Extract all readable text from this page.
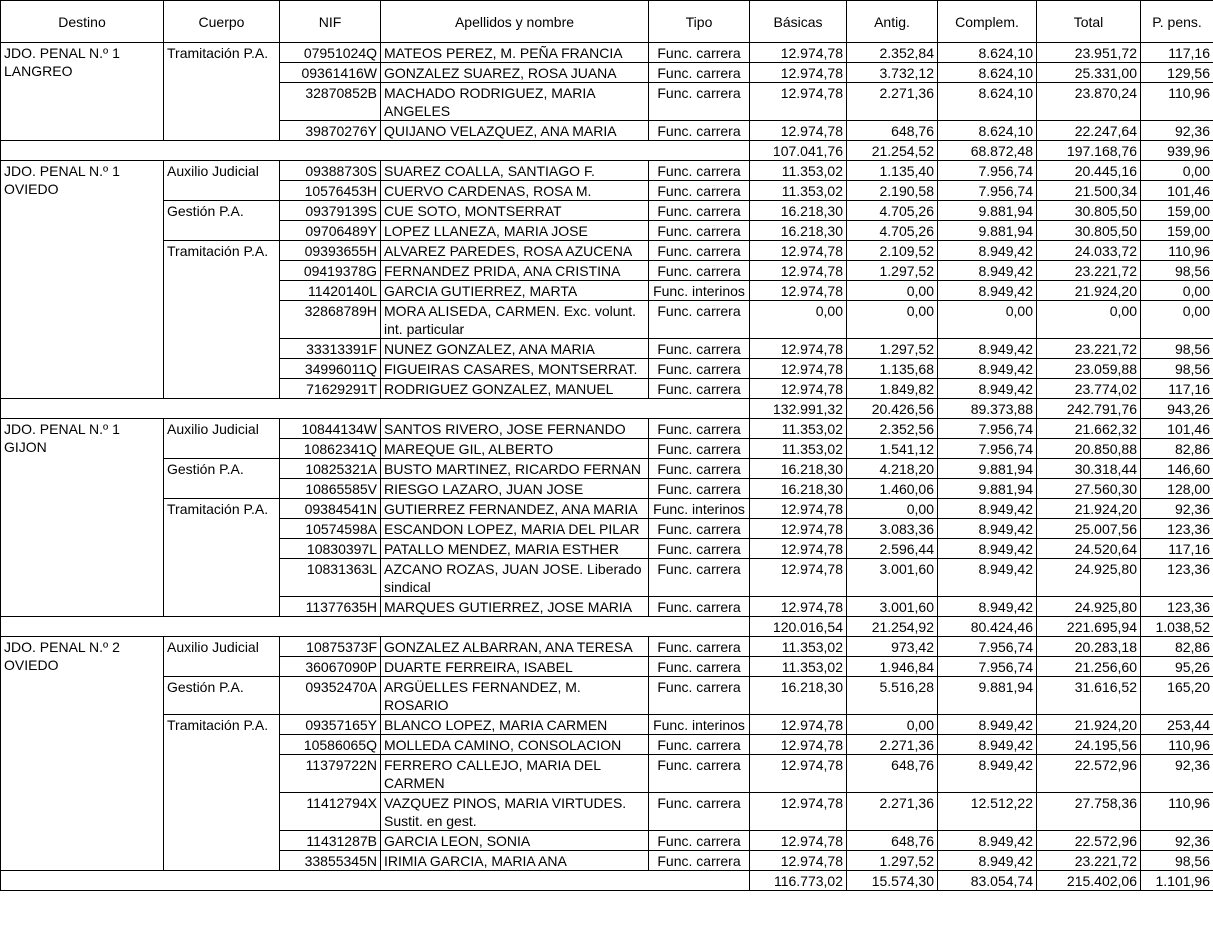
Destino	Cuerpo	NIF	Apellidos y nombre	Tipo	Básicas	Antig.	Complem.	Total	P. pens.
JDO. PENAL N.º 1 LANGREO	Tramitación P.A.	07951024Q	MATEOS PEREZ, M. PEÑA FRANCIA	Func. carrera	12.974,78	2.352,84	8.624,10	23.951,72	117,16
		09361416W	GONZALEZ SUAREZ, ROSA JUANA	Func. carrera	12.974,78	3.732,12	8.624,10	25.331,00	129,56
		32870852B	MACHADO RODRIGUEZ, MARIA ANGELES	Func. carrera	12.974,78	2.271,36	8.624,10	23.870,24	110,96
		39870276Y	QUIJANO VELAZQUEZ, ANA MARIA	Func. carrera	12.974,78	648,76	8.624,10	22.247,64	92,36
					107.041,76	21.254,52	68.872,48	197.168,76	939,96
JDO. PENAL N.º 1 OVIEDO	Auxilio Judicial	09388730S	SUAREZ COALLA, SANTIAGO F.	Func. carrera	11.353,02	1.135,40	7.956,74	20.445,16	0,00
		10576453H	CUERVO CARDENAS, ROSA M.	Func. carrera	11.353,02	2.190,58	7.956,74	21.500,34	101,46
	Gestión P.A.	09379139S	CUE SOTO, MONTSERRAT	Func. carrera	16.218,30	4.705,26	9.881,94	30.805,50	159,00
		09706489Y	LOPEZ LLANEZA, MARIA JOSE	Func. carrera	16.218,30	4.705,26	9.881,94	30.805,50	159,00
	Tramitación P.A.	09393655H	ALVAREZ PAREDES, ROSA AZUCENA	Func. carrera	12.974,78	2.109,52	8.949,42	24.033,72	110,96
		09419378G	FERNANDEZ PRIDA, ANA CRISTINA	Func. carrera	12.974,78	1.297,52	8.949,42	23.221,72	98,56
		11420140L	GARCIA GUTIERREZ, MARTA	Func. interinos	12.974,78	0,00	8.949,42	21.924,20	0,00
		32868789H	MORA ALISEDA, CARMEN. Exc. volunt. int. particular	Func. carrera	0,00	0,00	0,00	0,00	0,00
		33313391F	NUNEZ GONZALEZ, ANA MARIA	Func. carrera	12.974,78	1.297,52	8.949,42	23.221,72	98,56
		34996011Q	FIGUEIRAS CASARES, MONTSERRAT.	Func. carrera	12.974,78	1.135,68	8.949,42	23.059,88	98,56
		71629291T	RODRIGUEZ GONZALEZ, MANUEL	Func. carrera	12.974,78	1.849,82	8.949,42	23.774,02	117,16
					132.991,32	20.426,56	89.373,88	242.791,76	943,26
JDO. PENAL N.º 1 GIJON	Auxilio Judicial	10844134W	SANTOS RIVERO, JOSE FERNANDO	Func. carrera	11.353,02	2.352,56	7.956,74	21.662,32	101,46
		10862341Q	MAREQUE GIL, ALBERTO	Func. carrera	11.353,02	1.541,12	7.956,74	20.850,88	82,86
	Gestión P.A.	10825321A	BUSTO MARTINEZ, RICARDO FERNAN	Func. carrera	16.218,30	4.218,20	9.881,94	30.318,44	146,60
		10865585V	RIESGO LAZARO, JUAN JOSE	Func. carrera	16.218,30	1.460,06	9.881,94	27.560,30	128,00
	Tramitación P.A.	09384541N	GUTIERREZ FERNANDEZ, ANA MARIA	Func. interinos	12.974,78	0,00	8.949,42	21.924,20	92,36
		10574598A	ESCANDON LOPEZ, MARIA DEL PILAR	Func. carrera	12.974,78	3.083,36	8.949,42	25.007,56	123,36
		10830397L	PATALLO MENDEZ, MARIA ESTHER	Func. carrera	12.974,78	2.596,44	8.949,42	24.520,64	117,16
		10831363L	AZCANO ROZAS, JUAN JOSE. Liberado sindical	Func. carrera	12.974,78	3.001,60	8.949,42	24.925,80	123,36
		11377635H	MARQUES GUTIERREZ, JOSE MARIA	Func. carrera	12.974,78	3.001,60	8.949,42	24.925,80	123,36
					120.016,54	21.254,92	80.424,46	221.695,94	1.038,52
JDO. PENAL N.º 2 OVIEDO	Auxilio Judicial	10875373F	GONZALEZ ALBARRAN, ANA TERESA	Func. carrera	11.353,02	973,42	7.956,74	20.283,18	82,86
		36067090P	DUARTE FERREIRA, ISABEL	Func. carrera	11.353,02	1.946,84	7.956,74	21.256,60	95,26
	Gestión P.A.	09352470A	ARGÜELLES FERNANDEZ, M. ROSARIO	Func. carrera	16.218,30	5.516,28	9.881,94	31.616,52	165,20
	Tramitación P.A.	09357165Y	BLANCO LOPEZ, MARIA CARMEN	Func. interinos	12.974,78	0,00	8.949,42	21.924,20	253,44
		10586065Q	MOLLEDA CAMINO, CONSOLACION	Func. carrera	12.974,78	2.271,36	8.949,42	24.195,56	110,96
		11379722N	FERRERO CALLEJO, MARIA DEL CARMEN	Func. carrera	12.974,78	648,76	8.949,42	22.572,96	92,36
		11412794X	VAZQUEZ PINOS, MARIA VIRTUDES. Sustit. en gest.	Func. carrera	12.974,78	2.271,36	12.512,22	27.758,36	110,96
		11431287B	GARCIA LEON, SONIA	Func. carrera	12.974,78	648,76	8.949,42	22.572,96	92,36
		33855345N	IRIMIA GARCIA, MARIA ANA	Func. carrera	12.974,78	1.297,52	8.949,42	23.221,72	98,56
					116.773,02	15.574,30	83.054,74	215.402,06	1.101,96
